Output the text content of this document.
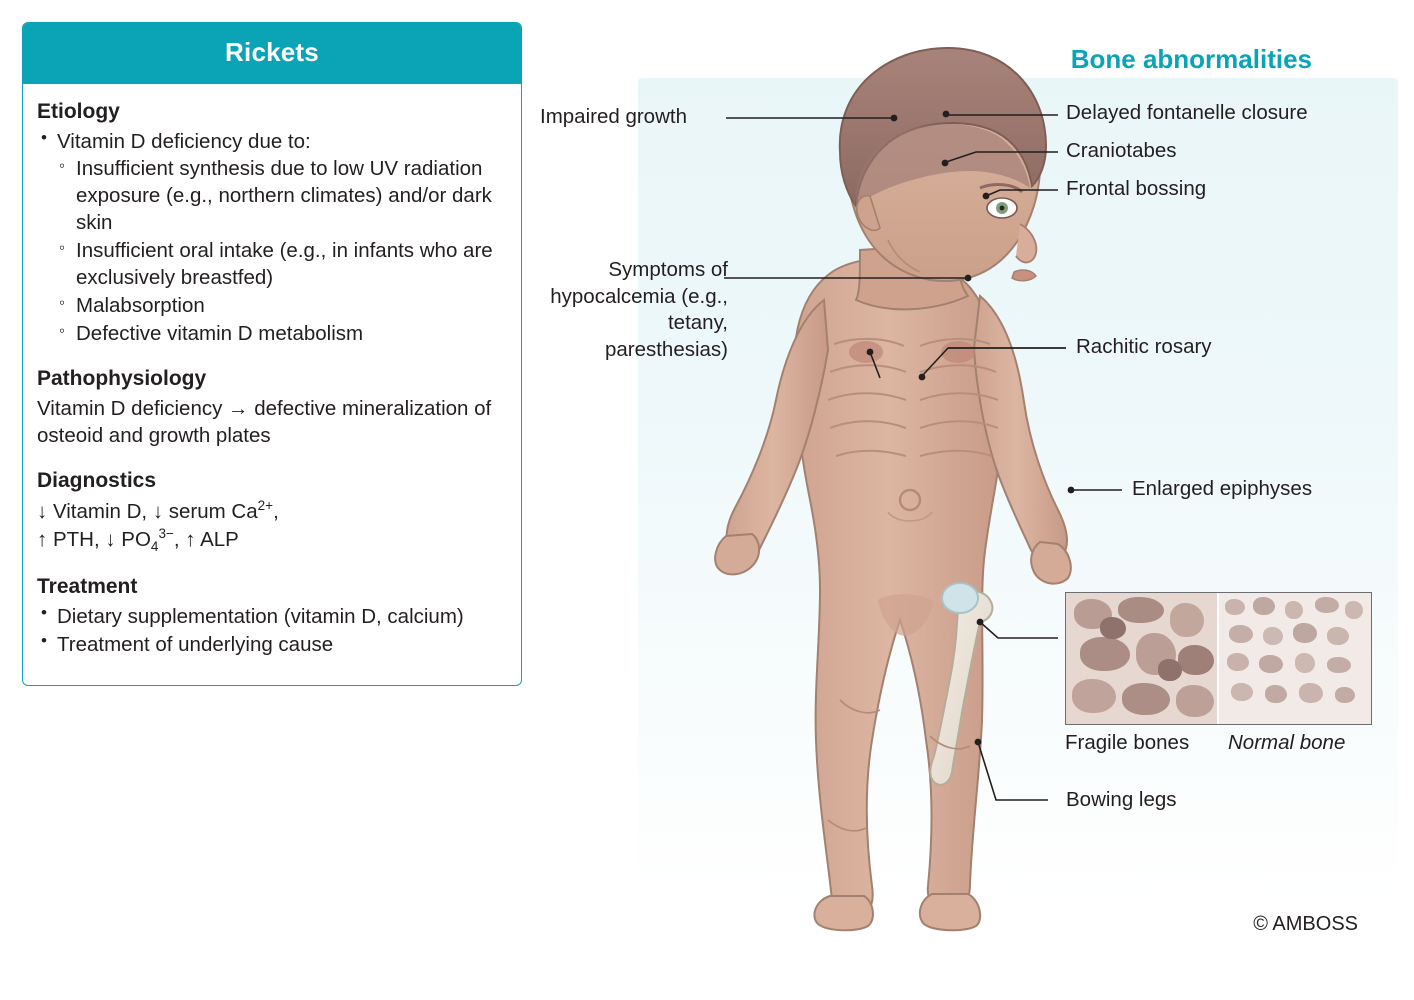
Rickets
Etiology
• Vitamin D deficiency due to:
◦ Insufficient synthesis due to low UV radiation exposure (e.g., northern climates) and/or dark skin
◦ Insufficient oral intake (e.g., in infants who are exclusively breastfed)
◦ Malabsorption
◦ Defective vitamin D metabolism
Pathophysiology

Vitamin D deficiency → defective mineralization of osteoid and growth plates

Diagnostics

↓ Vitamin D, ↓ serum $Ca^{2+}$,

↑ PTH, ↓ $PO_4^{3-}$, ↑ ALP

Treatment
• Dietary supplementation (vitamin D, calcium)
• Treatment of underlying cause
Bone abnormalities
Impaired growth
Symptoms of hypocalcemia (e.g., tetany, paresthesias)
Delayed fontanelle closure
Craniotabes
Frontal bossing
Rachitic rosary
Enlarged epiphyses
Bowing legs
Fragile bones Normal bone
© AMBOSS
